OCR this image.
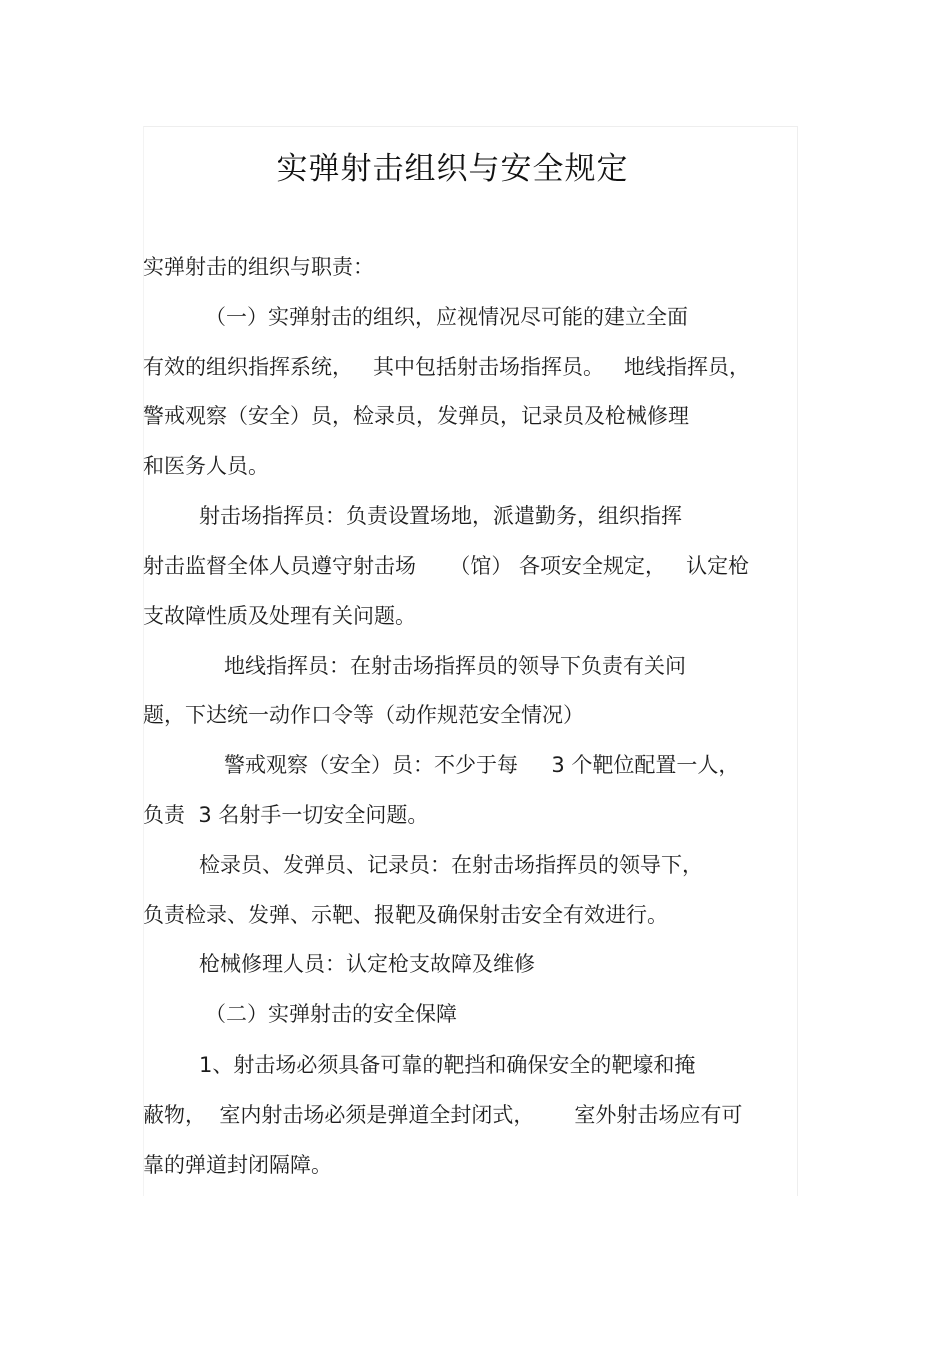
实弹射击组织与安全规定
实弹射击的组织与职责：
（一）实弹射击的组织，应视情况尽可能的建立全面
有效的组织指挥系统，   其中包括射击场指挥员。   地线指挥员，
警戒观察（安全）员，检录员，发弹员，记录员及枪械修理
和医务人员。
射击场指挥员：负责设置场地，派遣勤务，组织指挥
射击监督全体人员遵守射击场     （馆） 各项安全规定，   认定枪
支故障性质及处理有关问题。
地线指挥员：在射击场指挥员的领导下负责有关问
题，下达统一动作口令等（动作规范安全情况）
警戒观察（安全）员：不少于每     3 个靶位配置一人，
负责  3 名射手一切安全问题。
检录员、发弹员、记录员：在射击场指挥员的领导下，
负责检录、发弹、示靶、报靶及确保射击安全有效进行。
枪械修理人员：认定枪支故障及维修
（二）实弹射击的安全保障
1、射击场必须具备可靠的靶挡和确保安全的靶壕和掩
蔽物，  室内射击场必须是弹道全封闭式，      室外射击场应有可
靠的弹道封闭隔障。
